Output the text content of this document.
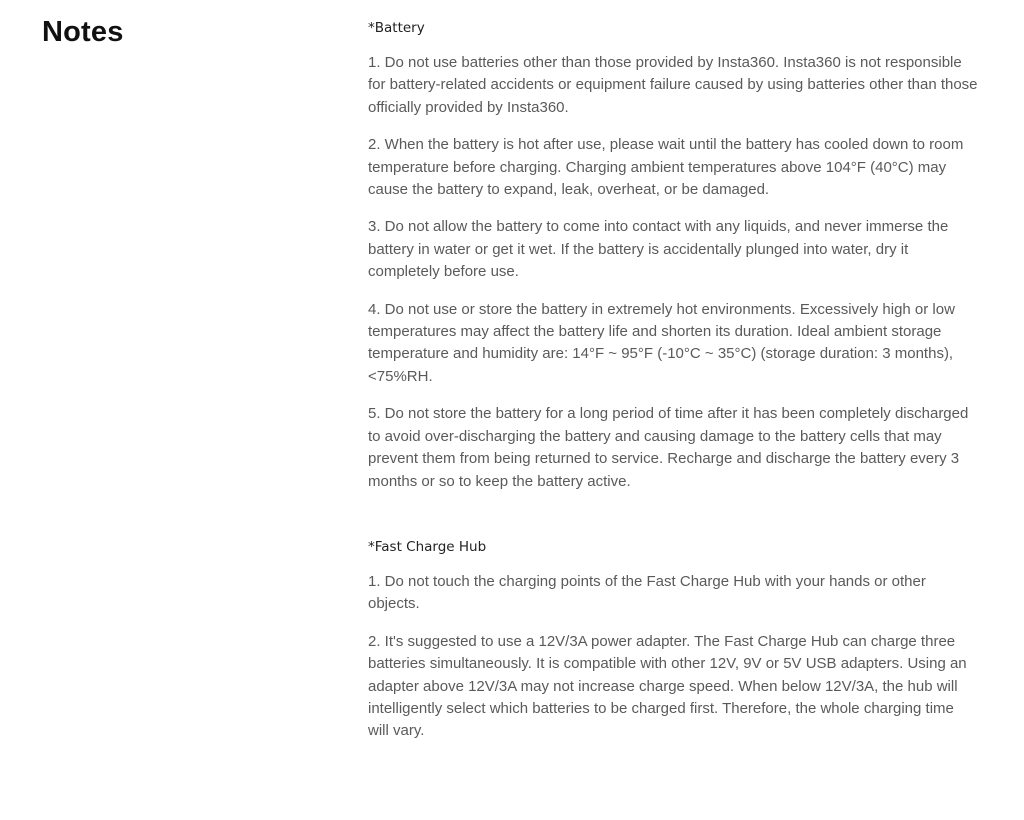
Notes	*Battery

1. Do not use batteries other than those provided by Insta360. Insta360 is not responsible for battery-related accidents or equipment failure caused by using batteries other than those officially provided by Insta360.

2. When the battery is hot after use, please wait until the battery has cooled down to room temperature before charging. Charging ambient temperatures above 104°F (40°C) may cause the battery to expand, leak, overheat, or be damaged.

3. Do not allow the battery to come into contact with any liquids, and never immerse the battery in water or get it wet. If the battery is accidentally plunged into water, dry it completely before use.

4. Do not use or store the battery in extremely hot environments. Excessively high or low temperatures may affect the battery life and shorten its duration. Ideal ambient storage temperature and humidity are: 14°F ~ 95°F (-10°C ~ 35°C) (storage duration: 3 months), <75%RH.

5. Do not store the battery for a long period of time after it has been completely discharged to avoid over-discharging the battery and causing damage to the battery cells that may prevent them from being returned to service. Recharge and discharge the battery every 3 months or so to keep the battery active.

*Fast Charge Hub

1. Do not touch the charging points of the Fast Charge Hub with your hands or other objects.

2. It's suggested to use a 12V/3A power adapter. The Fast Charge Hub can charge three batteries simultaneously. It is compatible with other 12V, 9V or 5V USB adapters. Using an adapter above 12V/3A may not increase charge speed. When below 12V/3A, the hub will intelligently select which batteries to be charged first. Therefore, the whole charging time will vary.
